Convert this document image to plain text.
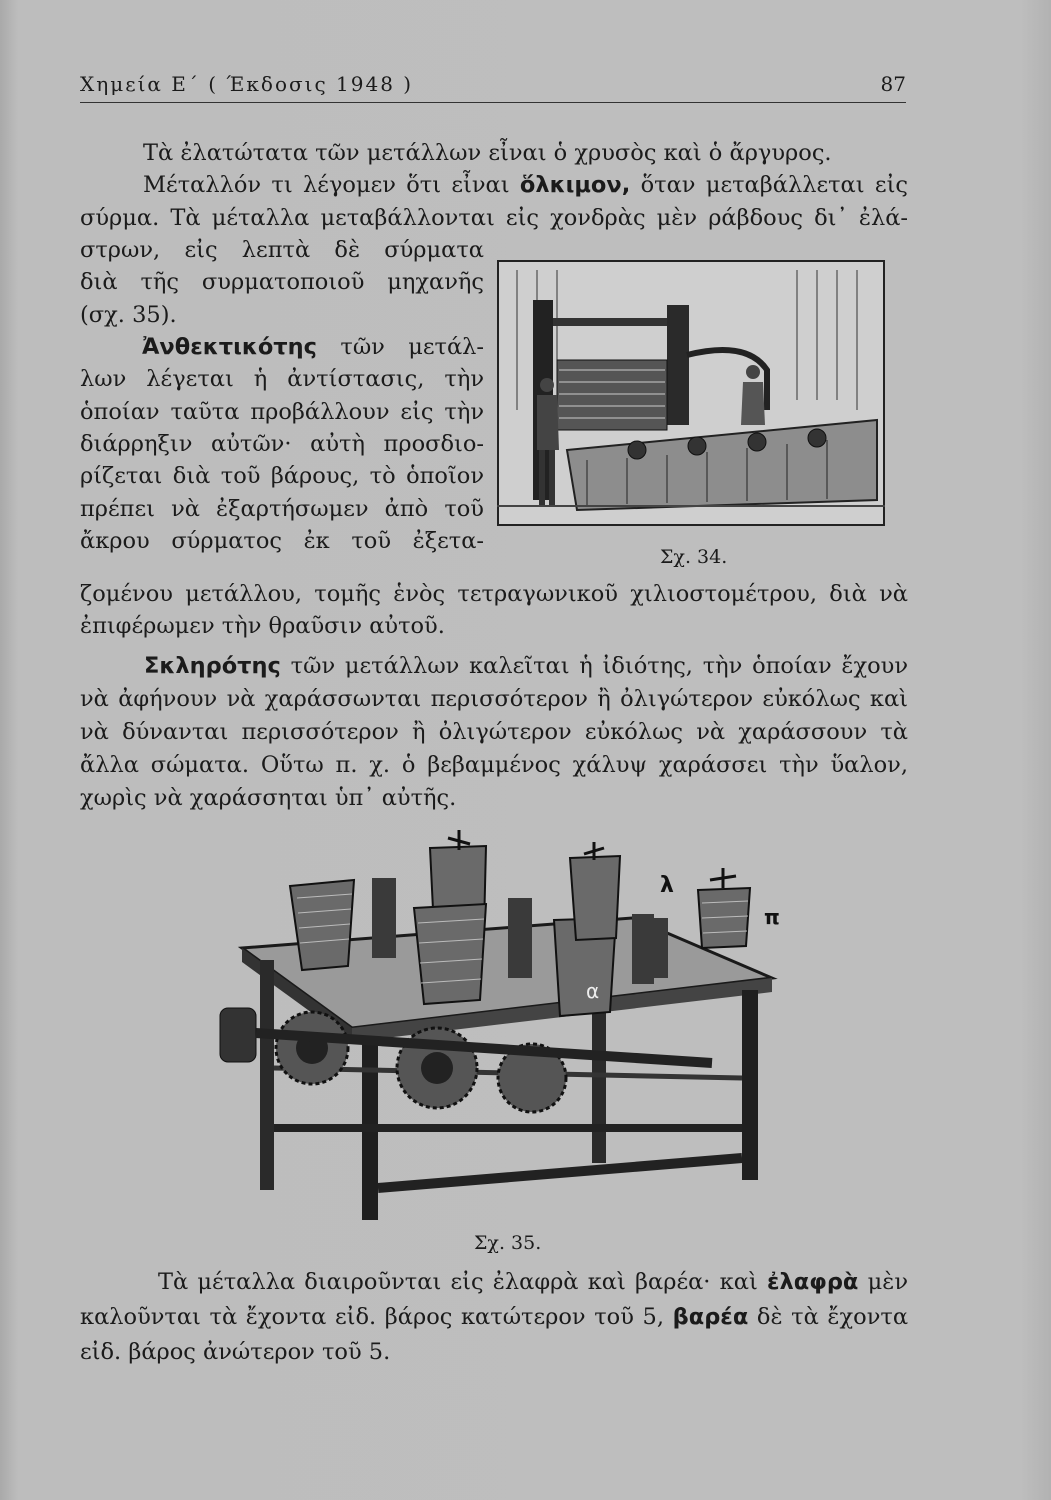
Χημεία Ε΄ ( Έκδοσις 1948 )	87
Τὰ ἐλατώτατα τῶν μετάλλων εἶναι ὁ χρυσὸς καὶ ὁ ἄργυρος.
Μέταλλόν τι λέγομεν ὅτι εἶναι ὅλκιμον, ὅταν μεταβάλλεται εἰς
σύρμα. Τὰ μέταλλα μεταβάλλονται εἰς χονδρὰς μὲν ράβδους δι᾽ ἐλά-
στρων, εἰς λεπτὰ δὲ σύρματα
διὰ τῆς συρματοποιοῦ μηχανῆς
(σχ. 35).
Ἀνθεκτικότης τῶν μετάλ-
λων λέγεται ἡ ἀντίστασις, τὴν
ὁποίαν ταῦτα προβάλλουν εἰς τὴν
διάρρηξιν αὐτῶν· αὐτὴ προσδιο-
ρίζεται διὰ τοῦ βάρους, τὸ ὁποῖον
πρέπει νὰ ἐξαρτήσωμεν ἀπὸ τοῦ
ἄκρου σύρματος ἐκ τοῦ ἐξετα-
ζομένου μετάλλου, τομῆς ἑνὸς τετραγωνικοῦ χιλιοστομέτρου, διὰ νὰ
ἐπιφέρωμεν τὴν θραῦσιν αὐτοῦ.
Σχ. 34.
Σκληρότης τῶν μετάλλων καλεῖται ἡ ἰδιότης, τὴν ὁποίαν ἔχουν
νὰ ἀφήνουν νὰ χαράσσωνται περισσότερον ἢ ὀλιγώτερον εὐκόλως καὶ
νὰ δύνανται περισσότερον ἢ ὀλιγώτερον εὐκόλως νὰ χαράσσουν τὰ
ἄλλα σώματα. Οὕτω π. χ. ὁ βεβαμμένος χάλυψ χαράσσει τὴν ὕαλον,
χωρὶς νὰ χαράσσηται ὑπ᾽ αὐτῆς.
α
λ
π
Σχ. 35.
Τὰ μέταλλα διαιροῦνται εἰς ἐλαφρὰ καὶ βαρέα· καὶ ἐλαφρὰ μὲν
καλοῦνται τὰ ἔχοντα εἰδ. βάρος κατώτερον τοῦ 5, βαρέα δὲ τὰ ἔχοντα
εἰδ. βάρος ἀνώτερον τοῦ 5.
